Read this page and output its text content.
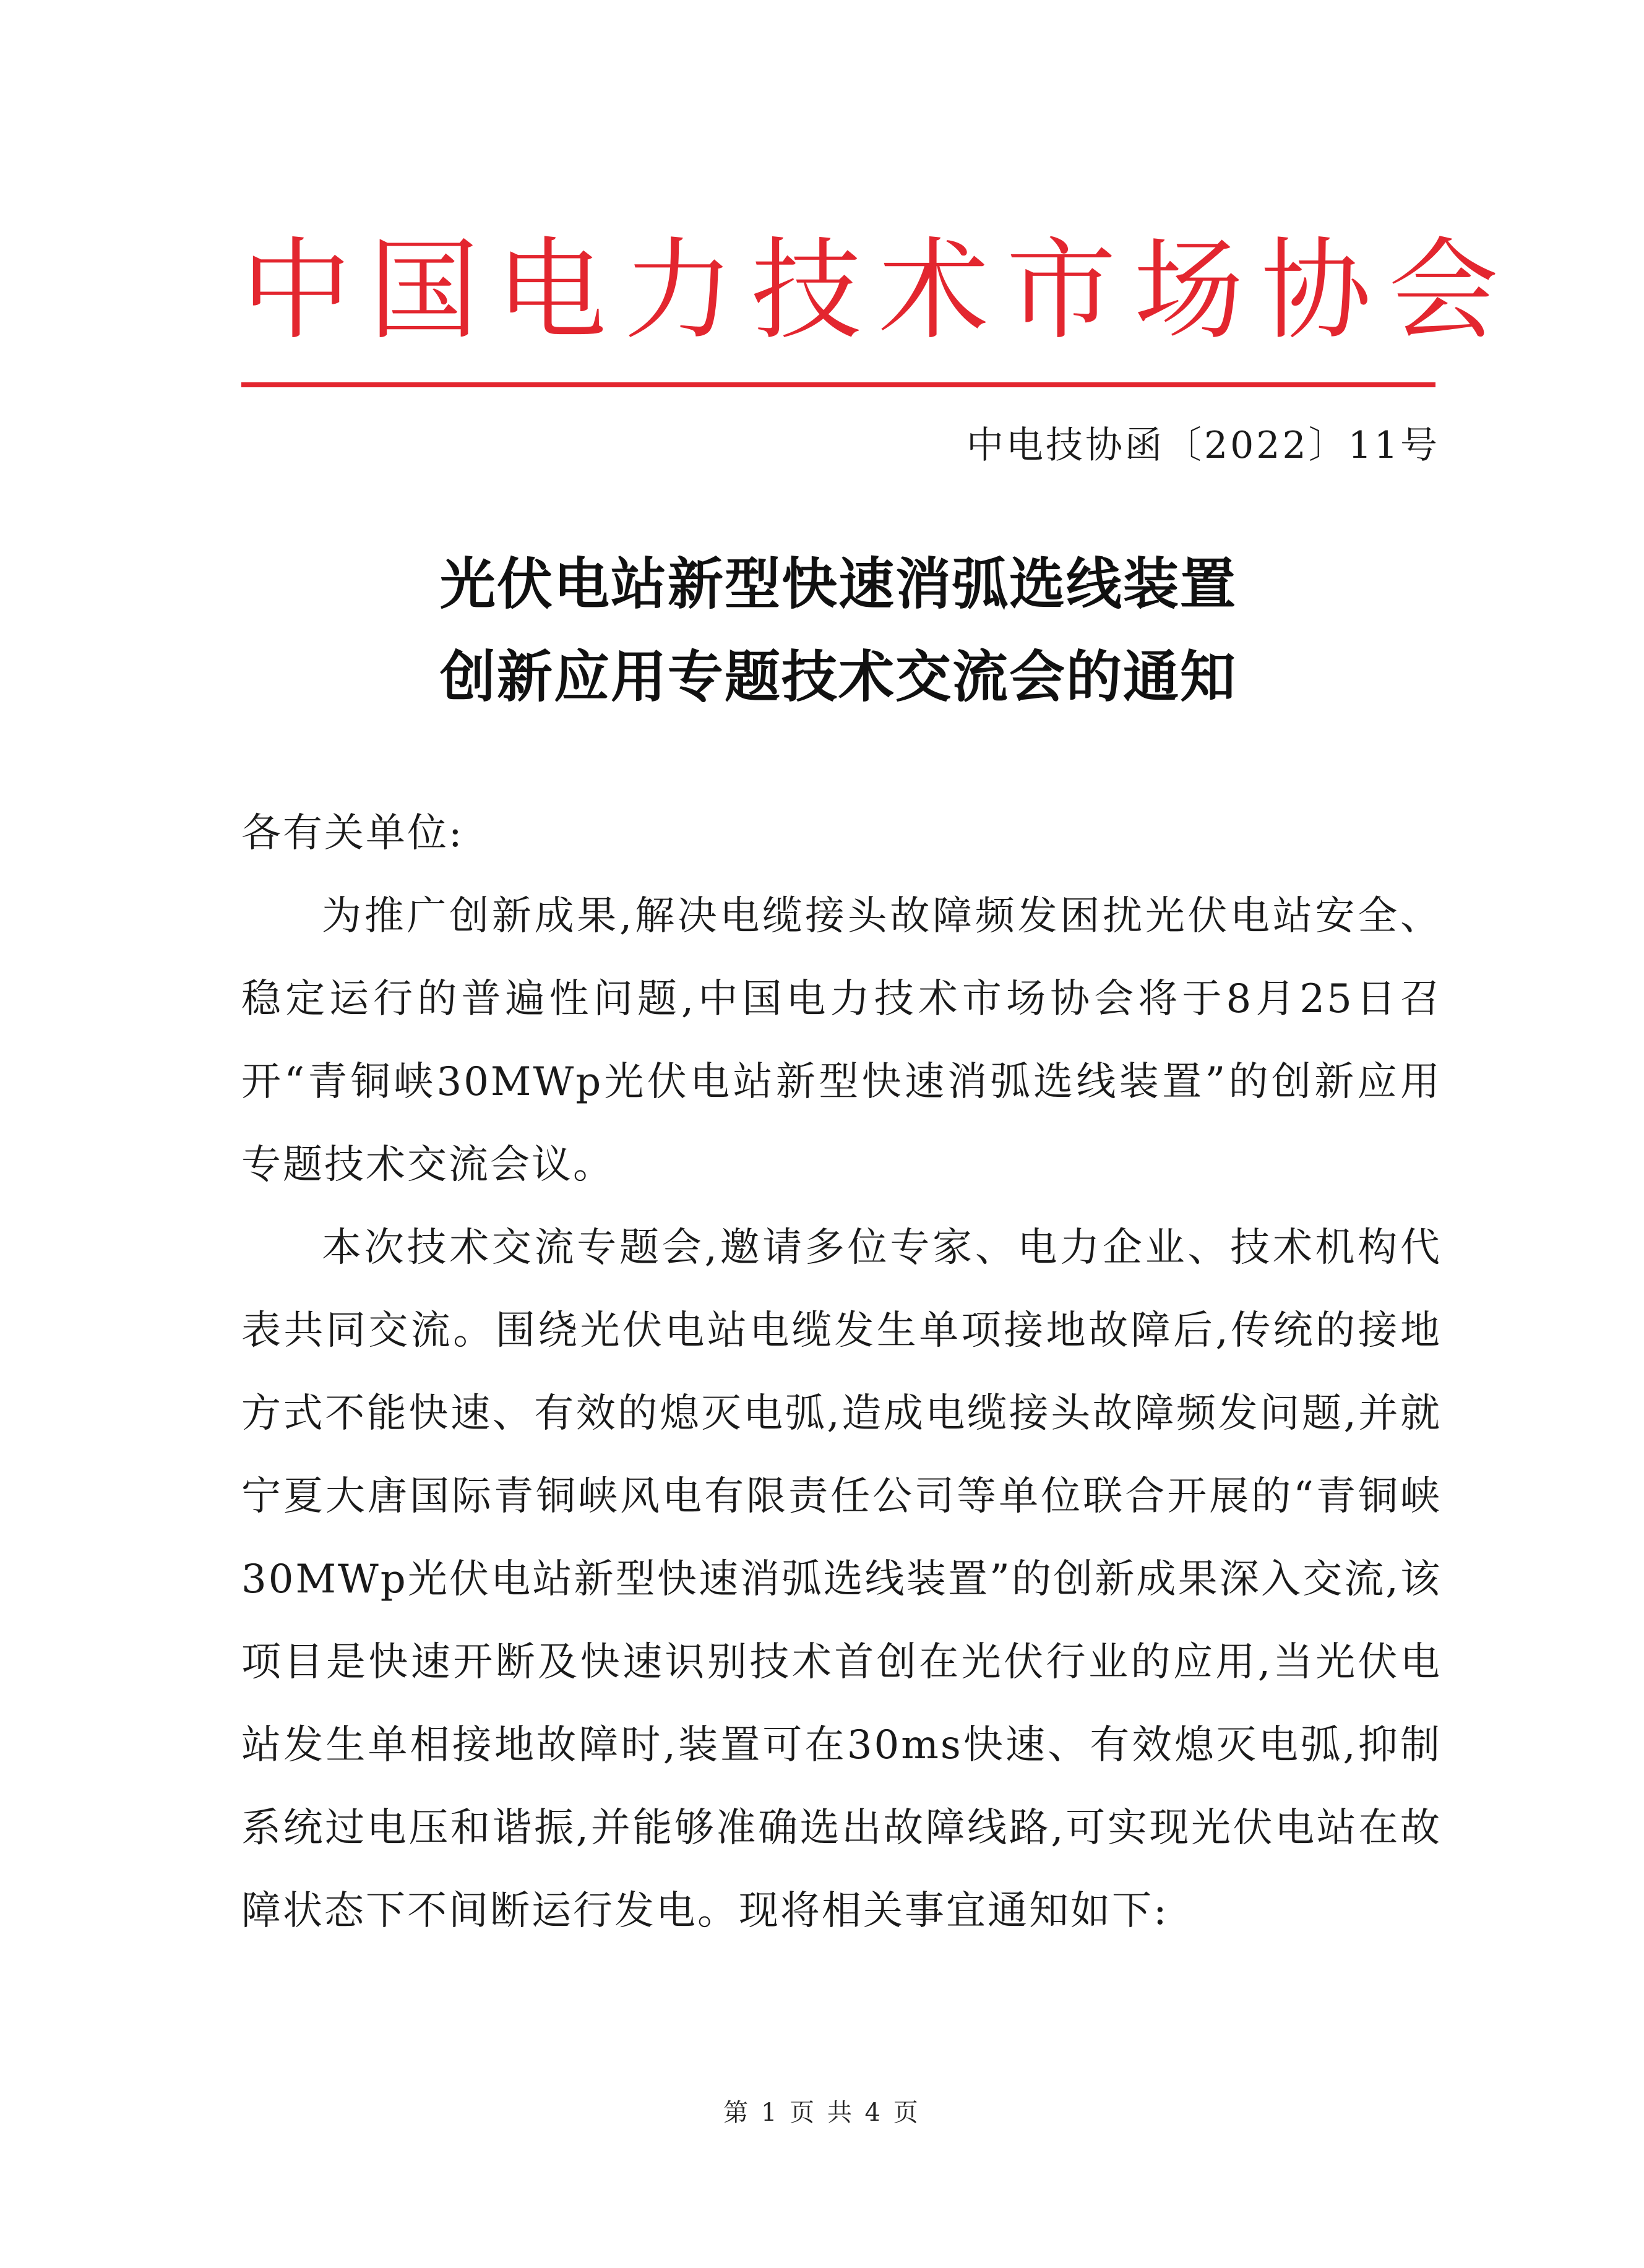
中国电力技术市场协会
中电技协函〔2022〕11号
光伏电站新型快速消弧选线装置
创新应用专题技术交流会的通知

各有关单位:

为推广创新成果,解决电缆接头故障频发困扰光伏电站安全、稳定运行的普遍性问题,中国电力技术市场协会将于8月25日召开“青铜峡30MWp光伏电站新型快速消弧选线装置”的创新应用专题技术交流会议。

本次技术交流专题会,邀请多位专家、电力企业、技术机构代表共同交流。围绕光伏电站电缆发生单项接地故障后,传统的接地方式不能快速、有效的熄灭电弧,造成电缆接头故障频发问题,并就宁夏大唐国际青铜峡风电有限责任公司等单位联合开展的“青铜峡30MWp光伏电站新型快速消弧选线装置”的创新成果深入交流,该项目是快速开断及快速识别技术首创在光伏行业的应用,当光伏电站发生单相接地故障时,装置可在30ms快速、有效熄灭电弧,抑制系统过电压和谐振,并能够准确选出故障线路,可实现光伏电站在故障状态下不间断运行发电。现将相关事宜通知如下:

第 1 页 共 4 页
